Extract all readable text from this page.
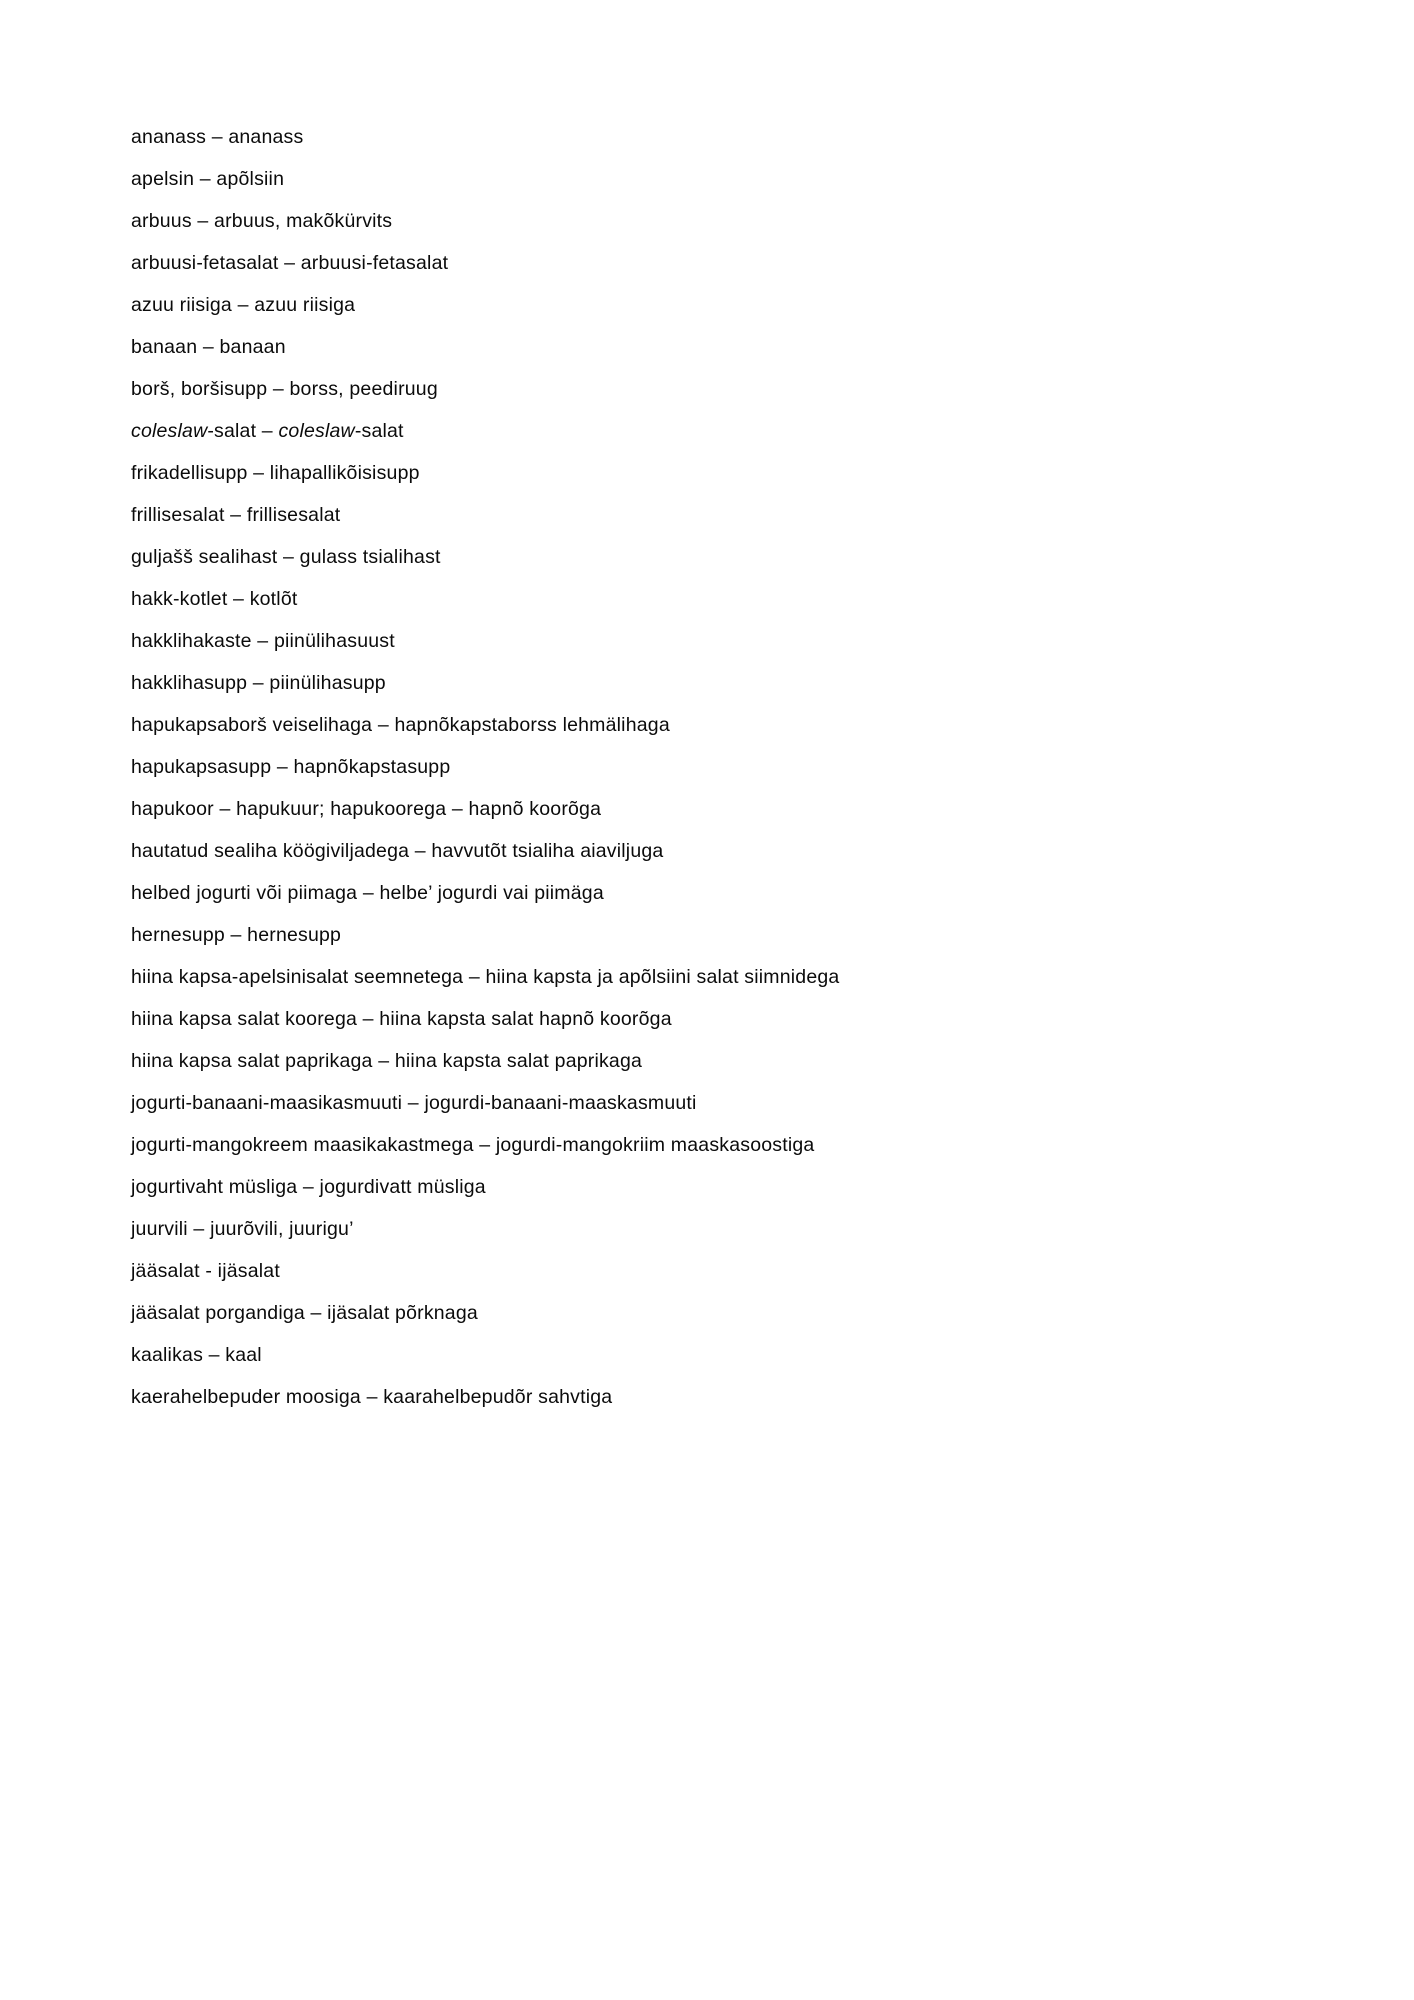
ananass – ananass

apelsin – apõlsiin

arbuus – arbuus, makõkürvits

arbuusi-fetasalat – arbuusi-fetasalat

azuu riisiga – azuu riisiga

banaan – banaan

borš, boršisupp – borss, peediruug

coleslaw-salat – coleslaw-salat

frikadellisupp – lihapallikõisisupp

frillisesalat – frillisesalat

guljašš sealihast – gulass tsialihast

hakk-kotlet – kotlõt

hakklihakaste – piinülihasuust

hakklihasupp – piinülihasupp

hapukapsaborš veiselihaga – hapnõkapstaborss lehmälihaga

hapukapsasupp – hapnõkapstasupp

hapukoor – hapukuur; hapukoorega – hapnõ koorõga

hautatud sealiha köögiviljadega – havvutõt tsialiha aiaviljuga

helbed jogurti või piimaga – helbe’ jogurdi vai piimäga

hernesupp – hernesupp

hiina kapsa-apelsinisalat seemnetega – hiina kapsta ja apõlsiini salat siimnidega

hiina kapsa salat koorega – hiina kapsta salat hapnõ koorõga

hiina kapsa salat paprikaga – hiina kapsta salat paprikaga

jogurti-banaani-maasikasmuuti – jogurdi-banaani-maaskasmuuti

jogurti-mangokreem maasikakastmega – jogurdi-mangokriim maaskasoostiga

jogurtivaht müsliga – jogurdivatt müsliga

juurvili – juurõvili, juurigu’

jääsalat - ijäsalat

jääsalat porgandiga – ijäsalat põrknaga

kaalikas – kaal

kaerahelbepuder moosiga – kaarahelbepudõr sahvtiga
